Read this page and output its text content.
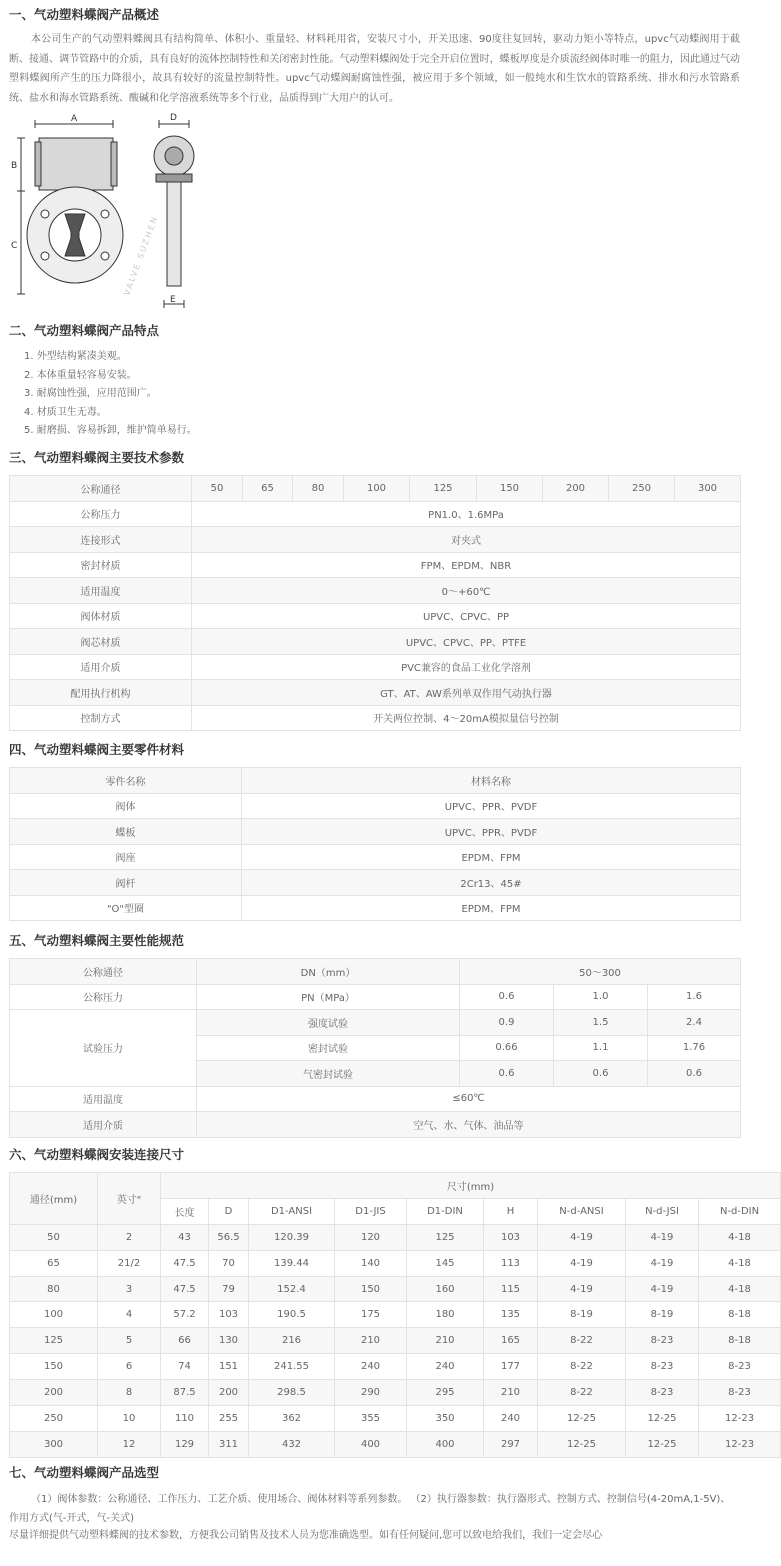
一、气动塑料蝶阀产品概述

本公司生产的气动塑料蝶阀具有结构简单、体积小、重量轻、材料耗用省，安装尺寸小，开关迅速、90度往复回转，驱动力矩小等特点，upvc气动蝶阀用于截断、接通、调节管路中的介质，具有良好的流体控制特性和关闭密封性能。气动塑料蝶阀处于完全开启位置时，蝶板厚度是介质流经阀体时唯一的阻力，因此通过气动塑料蝶阀所产生的压力降很小，故具有较好的流量控制特性。upvc气动蝶阀耐腐蚀性强，被应用于多个领域，如一般纯水和生饮水的管路系统、排水和污水管路系统、盐水和海水管路系统、酸碱和化学溶液系统等多个行业，品质得到广大用户的认可。

A
B
C
D
E
VALVE SUZHEN
二、气动塑料蝶阀产品特点
1. 外型结构紧凑美观。
2. 本体重量轻容易安装。
3. 耐腐蚀性强，应用范围广。
4. 材质卫生无毒。
5. 耐磨损、容易拆卸，维护简单易行。
三、气动塑料蝶阀主要技术参数
公称通径	50	65	80	100	125	150	200	250	300
公称压力	PN1.0、1.6MPa								
连接形式	对夹式								
密封材质	FPM、EPDM、NBR								
适用温度	0～+60℃								
阀体材质	UPVC、CPVC、PP								
阀芯材质	UPVC、CPVC、PP、PTFE								
适用介质	PVC兼容的食品工业化学溶剂								
配用执行机构	GT、AT、AW系列单双作用气动执行器								
控制方式	开关两位控制、4～20mA模拟量信号控制								
四、气动塑料蝶阀主要零件材料
零件名称	材料名称
阀体	UPVC、PPR、PVDF
蝶板	UPVC、PPR、PVDF
阀座	EPDM、FPM
阀杆	2Cr13、45#
"O"型圈	EPDM、FPM
五、气动塑料蝶阀主要性能规范
公称通径	DN（mm）	50～300		
公称压力	PN（MPa）	0.6	1.0	1.6
试验压力	强度试验	0.9	1.5	2.4
	密封试验	0.66	1.1	1.76
	气密封试验	0.6	0.6	0.6
适用温度	≤60℃			
适用介质	空气、水、气体、油品等			
六、气动塑料蝶阀安装连接尺寸
通径(mm)	英寸"	尺寸(mm)								
		长度	D	D1-ANSI	D1-JIS	D1-DIN	H	N-d-ANSI	N-d-JSI	N-d-DIN
50	2	43	56.5	120.39	120	125	103	4-19	4-19	4-18
65	21/2	47.5	70	139.44	140	145	113	4-19	4-19	4-18
80	3	47.5	79	152.4	150	160	115	4-19	4-19	4-18
100	4	57.2	103	190.5	175	180	135	8-19	8-19	8-18
125	5	66	130	216	210	210	165	8-22	8-23	8-18
150	6	74	151	241.55	240	240	177	8-22	8-23	8-23
200	8	87.5	200	298.5	290	295	210	8-22	8-23	8-23
250	10	110	255	362	355	350	240	12-25	12-25	12-23
300	12	129	311	432	400	400	297	12-25	12-25	12-23
七、气动塑料蝶阀产品选型

（1）阀体参数：公称通径、工作压力、工艺介质、使用场合、阀体材料等系列参数。 （2）执行器参数：执行器形式、控制方式、控制信号(4-20mA,1-5V)、作用方式(气-开式，气-关式)

尽量详细提供气动塑料蝶阀的技术参数，方便我公司销售及技术人员为您准确选型。如有任何疑问,您可以致电给我们，我们一定会尽心
